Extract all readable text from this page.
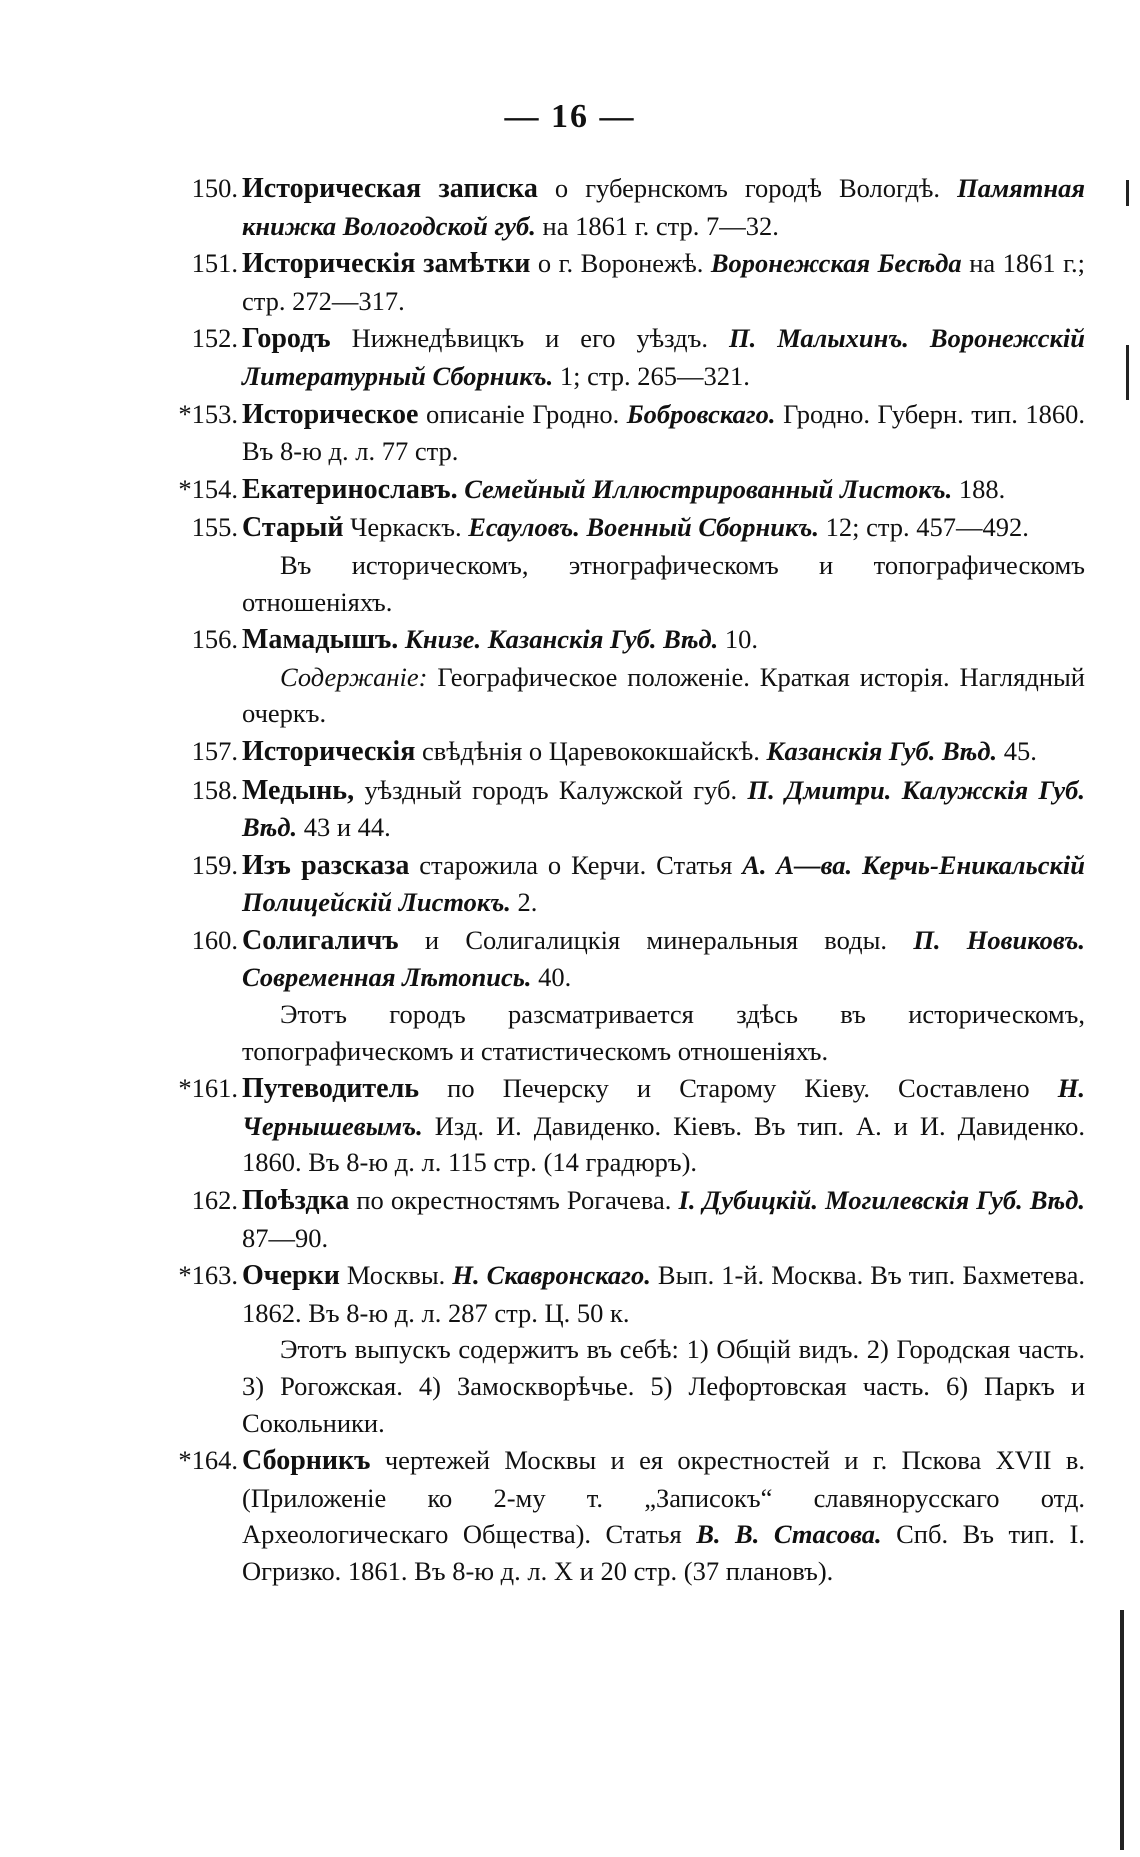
— 16 —
150. Историческая записка о губернскомъ городѣ Вологдѣ. Памятная книжка Вологодской губ. на 1861 г. стр. 7—32.
151. Историческія замѣтки о г. Воронежѣ. Воронежская Бесѣда на 1861 г.; стр. 272—317.
152. Городъ Нижнедѣвицкъ и его уѣздъ. П. Малыхинъ. Воронежскій Литературный Сборникъ. 1; стр. 265—321.
*153. Историческое описаніе Гродно. Бобровскаго. Гродно. Губерн. тип. 1860. Въ 8-ю д. л. 77 стр.
*154. Екатеринославъ. Семейный Иллюстрированный Листокъ. 188.
155. Старый Черкаскъ. Есауловъ. Военный Сборникъ. 12; стр. 457—492.
Въ историческомъ, этнографическомъ и топографическомъ отношеніяхъ.
156. Мамадышъ. Книзе. Казанскія Губ. Вѣд. 10.
Содержаніе: Географическое положеніе. Краткая исторія. Наглядный очеркъ.
157. Историческія свѣдѣнія о Царевококшайскѣ. Казанскія Губ. Вѣд. 45.
158. Медынь, уѣздный городъ Калужской губ. П. Дмитри. Калужскія Губ. Вѣд. 43 и 44.
159. Изъ разсказа старожила о Керчи. Статья А. А—ва. Керчь-Еникальскій Полицейскій Листокъ. 2.
160. Солигаличъ и Солигалицкія минеральныя воды. П. Новиковъ. Современная Лѣтопись. 40.
Этотъ городъ разсматривается здѣсь въ историческомъ, топографическомъ и статистическомъ отношеніяхъ.
*161. Путеводитель по Печерску и Старому Кіеву. Составлено Н. Чернышевымъ. Изд. И. Давиденко. Кіевъ. Въ тип. А. и И. Давиденко. 1860. Въ 8-ю д. л. 115 стр. (14 градюръ).
162. Поѣздка по окрестностямъ Рогачева. I. Дубицкій. Могилевскія Губ. Вѣд. 87—90.
*163. Очерки Москвы. Н. Скавронскаго. Вып. 1-й. Москва. Въ тип. Бахметева. 1862. Въ 8-ю д. л. 287 стр. Ц. 50 к.
Этотъ выпускъ содержитъ въ себѣ: 1) Общій видъ. 2) Городская часть. 3) Рогожская. 4) Замоскворѣчье. 5) Лефортовская часть. 6) Паркъ и Сокольники.
*164. Сборникъ чертежей Москвы и ея окрестностей и г. Пскова XVII в. (Приложеніе ко 2-му т. „Записокъ“ славянорусскаго отд. Археологическаго Общества). Статья В. В. Стасова. Спб. Въ тип. I. Огризко. 1861. Въ 8-ю д. л. X и 20 стр. (37 плановъ).
